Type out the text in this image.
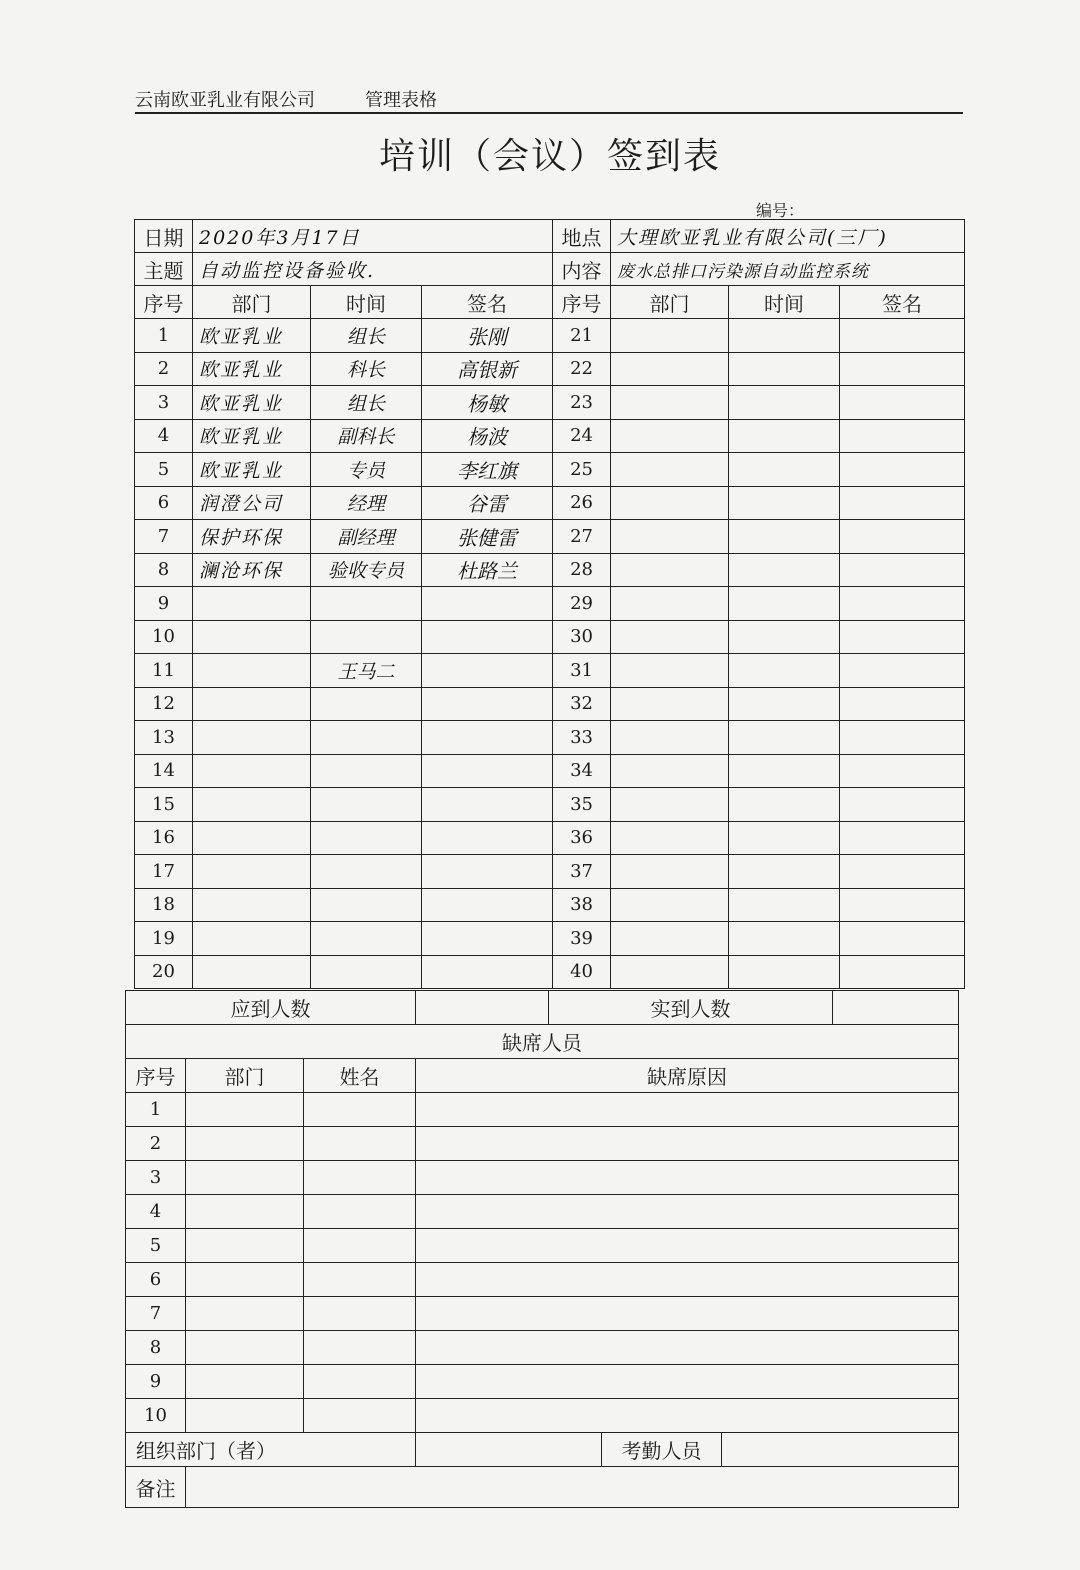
云南欧亚乳业有限公司	管理表格
培训（会议）签到表
编号：
日期	2020年3月17日			地点	大理欧亚乳业有限公司(三厂)		
主题	自动监控设备验收.			内容	废水总排口污染源自动监控系统		
序号	部门	时间	签名	序号	部门	时间	签名
1	欧亚乳业	组长	张刚	21			
2	欧亚乳业	科长	高银新	22			
3	欧亚乳业	组长	杨敏	23			
4	欧亚乳业	副科长	杨波	24			
5	欧亚乳业	专员	李红旗	25			
6	润澄公司	经理	谷雷	26			
7	保护环保	副经理	张健雷	27			
8	澜沧环保	验收专员	杜路兰	28			
9				29			
10				30			
11		王马二		31			
12				32			
13				33			
14				34			
15				35			
16				36			
17				37			
18				38			
19				39			
20				40			
应到人数				实到人数			
缺席人员							
序号	部门	姓名	缺席原因				
1							
2							
3							
4							
5							
6							
7							
8							
9							
10							
组织部门（者）					考勤人员		
备注							
